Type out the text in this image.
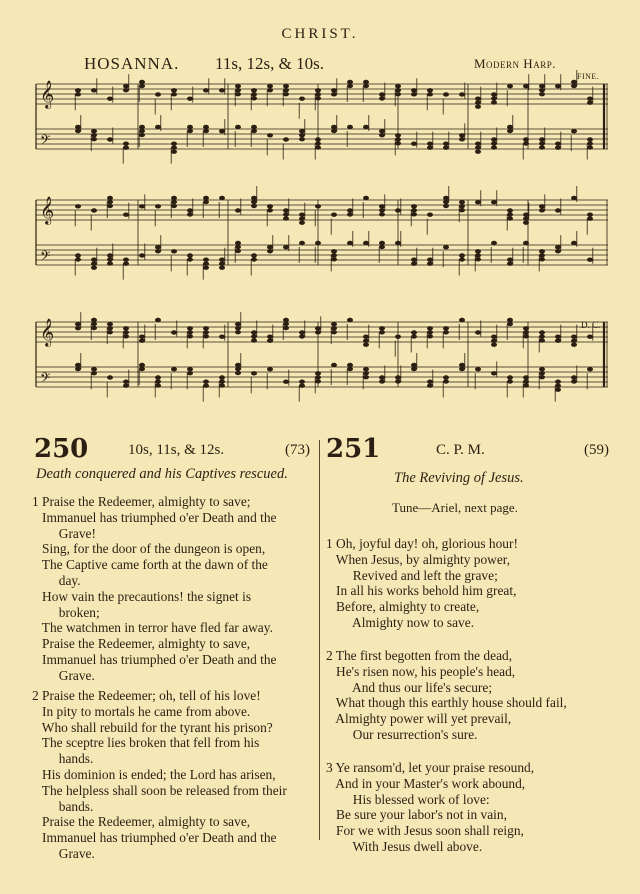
CHRIST.
HOSANNA. 11s, 12s, & 10s.	Modern Harp.
FINE.
D. C.
𝄞
𝄢
𝄞
𝄢
𝄞
𝄢
250	10s, 11s, & 12s.	(73)
Death conquered and his Captives rescued.
1 Praise the Redeemer, almighty to save;
Immanuel has triumphed o'er Death and the
Grave!
Sing, for the door of the dungeon is open,
The Captive came forth at the dawn of the
day.
How vain the precautions! the signet is
broken;
The watchmen in terror have fled far away.
Praise the Redeemer, almighty to save,
Immanuel has triumphed o'er Death and the
Grave.
2 Praise the Redeemer; oh, tell of his love!
In pity to mortals he came from above.
Who shall rebuild for the tyrant his prison?
The sceptre lies broken that fell from his
hands.
His dominion is ended; the Lord has arisen,
The helpless shall soon be released from their
bands.
Praise the Redeemer, almighty to save,
Immanuel has triumphed o'er Death and the
Grave.
251	C. P. M.	(59)
The Reviving of Jesus.
Tune—Ariel, next page.
1 Oh, joyful day! oh, glorious hour!
When Jesus, by almighty power,
Revived and left the grave;
In all his works behold him great,
Before, almighty to create,
Almighty now to save.
2 The first begotten from the dead,
He's risen now, his people's head,
And thus our life's secure;
What though this earthly house should fail,
Almighty power will yet prevail,
Our resurrection's sure.
3 Ye ransom'd, let your praise resound,
And in your Master's work abound,
His blessed work of love:
Be sure your labor's not in vain,
For we with Jesus soon shall reign,
With Jesus dwell above.
